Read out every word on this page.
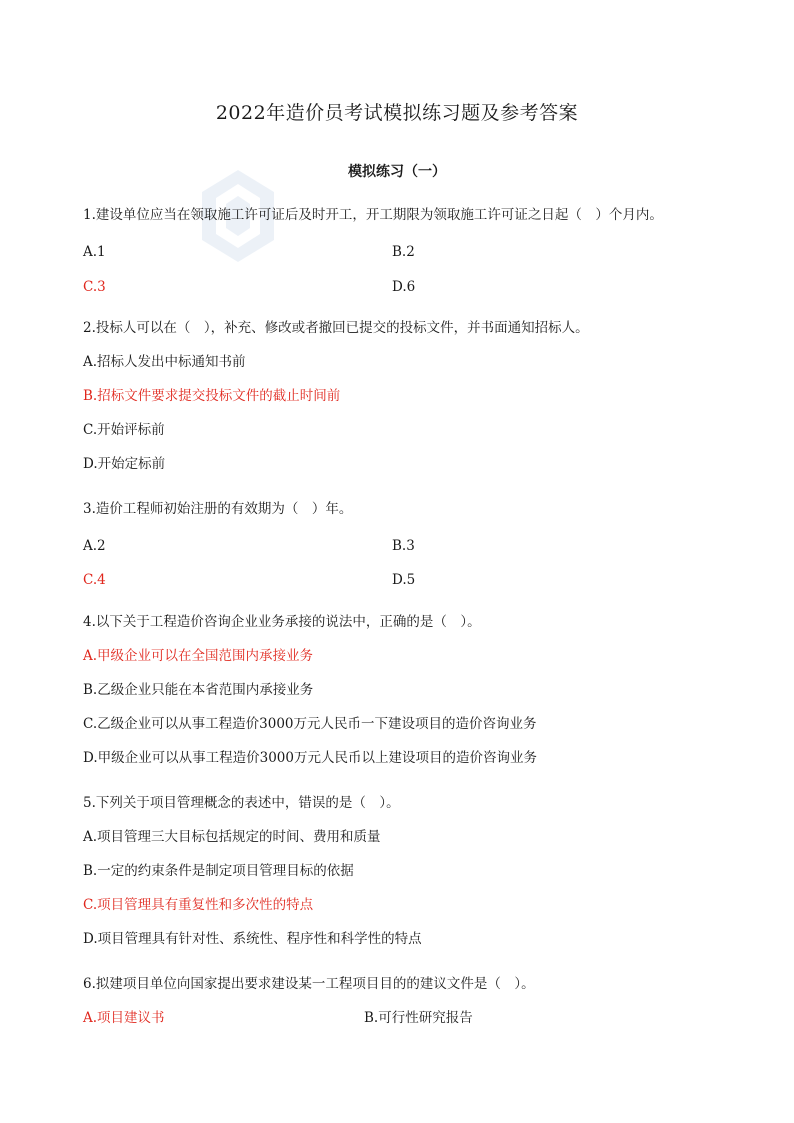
2022年造价员考试模拟练习题及参考答案
模拟练习（一）
1.建设单位应当在领取施工许可证后及时开工，开工期限为领取施工许可证之日起（　）个月内。
A.1	B.2
C.3	D.6
2.投标人可以在（　），补充、修改或者撤回已提交的投标文件，并书面通知招标人。
A.招标人发出中标通知书前
B.招标文件要求提交投标文件的截止时间前
C.开始评标前
D.开始定标前
3.造价工程师初始注册的有效期为（　）年。
A.2	B.3
C.4	D.5
4.以下关于工程造价咨询企业业务承接的说法中，正确的是（　）。
A.甲级企业可以在全国范围内承接业务
B.乙级企业只能在本省范围内承接业务
C.乙级企业可以从事工程造价3000万元人民币一下建设项目的造价咨询业务
D.甲级企业可以从事工程造价3000万元人民币以上建设项目的造价咨询业务
5.下列关于项目管理概念的表述中，错误的是（　）。
A.项目管理三大目标包括规定的时间、费用和质量
B.一定的约束条件是制定项目管理目标的依据
C.项目管理具有重复性和多次性的特点
D.项目管理具有针对性、系统性、程序性和科学性的特点
6.拟建项目单位向国家提出要求建设某一工程项目目的的建议文件是（　）。
A.项目建议书	B.可行性研究报告
